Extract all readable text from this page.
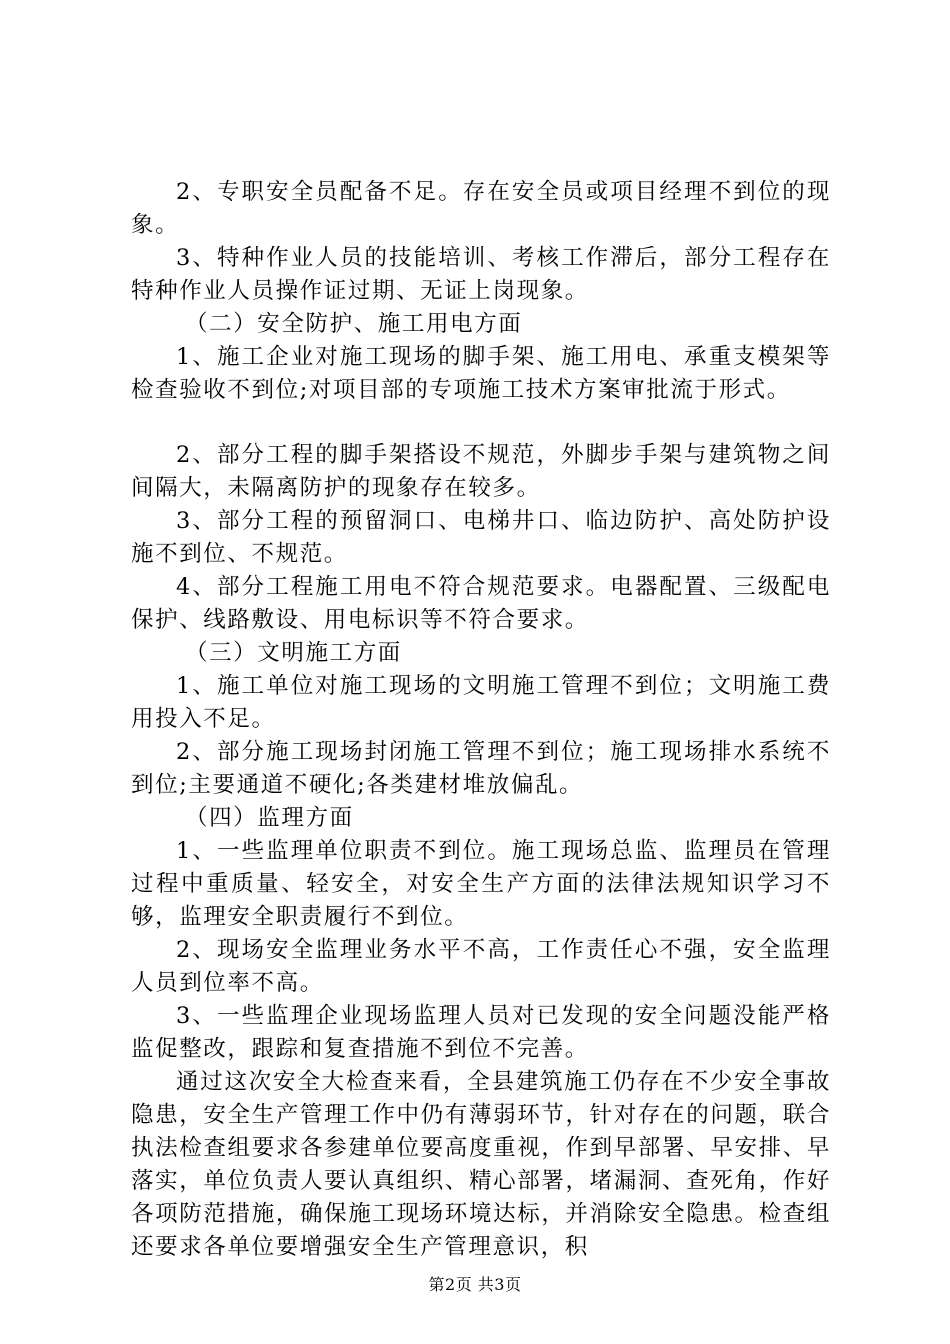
2、专职安全员配备不足。存在安全员或项目经理不到位的现象。

3、特种作业人员的技能培训、考核工作滞后，部分工程存在特种作业人员操作证过期、无证上岗现象。

（二）安全防护、施工用电方面

1、施工企业对施工现场的脚手架、施工用电、承重支模架等检查验收不到位;对项目部的专项施工技术方案审批流于形式。

2、部分工程的脚手架搭设不规范，外脚步手架与建筑物之间间隔大，未隔离防护的现象存在较多。

3、部分工程的预留洞口、电梯井口、临边防护、高处防护设施不到位、不规范。

4、部分工程施工用电不符合规范要求。电器配置、三级配电保护、线路敷设、用电标识等不符合要求。

（三）文明施工方面

1、施工单位对施工现场的文明施工管理不到位；文明施工费用投入不足。

2、部分施工现场封闭施工管理不到位；施工现场排水系统不到位;主要通道不硬化;各类建材堆放偏乱。

（四）监理方面

1、一些监理单位职责不到位。施工现场总监、监理员在管理过程中重质量、轻安全，对安全生产方面的法律法规知识学习不够，监理安全职责履行不到位。

2、现场安全监理业务水平不高，工作责任心不强，安全监理人员到位率不高。

3、一些监理企业现场监理人员对已发现的安全问题没能严格监促整改，跟踪和复查措施不到位不完善。

通过这次安全大检查来看，全县建筑施工仍存在不少安全事故隐患，安全生产管理工作中仍有薄弱环节，针对存在的问题，联合执法检查组要求各参建单位要高度重视，作到早部署、早安排、早落实，单位负责人要认真组织、精心部署，堵漏洞、查死角，作好各项防范措施，确保施工现场环境达标，并消除安全隐患。检查组还要求各单位要增强安全生产管理意识，积

第2页 共3页
